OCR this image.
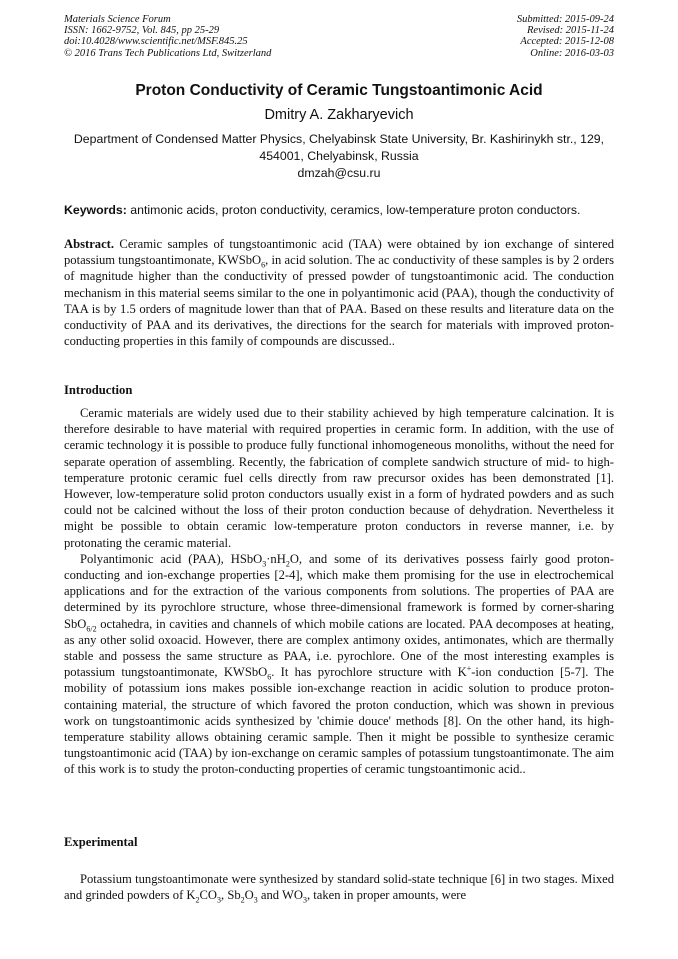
Materials Science Forum
ISSN: 1662-9752, Vol. 845, pp 25-29
doi:10.4028/www.scientific.net/MSF.845.25
© 2016 Trans Tech Publications Ltd, Switzerland
Submitted: 2015-09-24
Revised: 2015-11-24
Accepted: 2015-12-08
Online: 2016-03-03
Proton Conductivity of Ceramic Tungstoantimonic Acid
Dmitry A. Zakharyevich
Department of Condensed Matter Physics, Chelyabinsk State University, Br. Kashirinykh str., 129, 454001, Chelyabinsk, Russia
dmzah@csu.ru
Keywords: antimonic acids, proton conductivity, ceramics, low-temperature proton conductors.
Abstract. Ceramic samples of tungstoantimonic acid (TAA) were obtained by ion exchange of sintered potassium tungstoantimonate, KWSbO$_6$, in acid solution. The ac conductivity of these samples is by 2 orders of magnitude higher than the conductivity of pressed powder of tungstoantimonic acid. The conduction mechanism in this material seems similar to the one in polyantimonic acid (PAA), though the conductivity of TAA is by 1.5 orders of magnitude lower than that of PAA. Based on these results and literature data on the conductivity of PAA and its derivatives, the directions for the search for materials with improved proton-conducting properties in this family of compounds are discussed..
Introduction

Ceramic materials are widely used due to their stability achieved by high temperature calcination. It is therefore desirable to have material with required properties in ceramic form. In addition, with the use of ceramic technology it is possible to produce fully functional inhomogeneous monoliths, without the need for separate operation of assembling. Recently, the fabrication of complete sandwich structure of mid- to high-temperature protonic ceramic fuel cells directly from raw precursor oxides has been demonstrated [1]. However, low-temperature solid proton conductors usually exist in a form of hydrated powders and as such could not be calcined without the loss of their proton conduction because of dehydration. Nevertheless it might be possible to obtain ceramic low-temperature proton conductors in reverse manner, i.e. by protonating the ceramic material.

Polyantimonic acid (PAA), $HSbO_3\cdot nH_2O$, and some of its derivatives possess fairly good proton-conducting and ion-exchange properties [2-4], which make them promising for the use in electrochemical applications and for the extraction of the various components from solutions. The properties of PAA are determined by its pyrochlore structure, whose three-dimensional framework is formed by corner-sharing SbO$_{6/2}$ octahedra, in cavities and channels of which mobile cations are located. PAA decomposes at heating, as any other solid oxoacid. However, there are complex antimony oxides, antimonates, which are thermally stable and possess the same structure as PAA, i.e. pyrochlore. One of the most interesting examples is potassium tungstoantimonate, KWSbO$_6$. It has pyrochlore structure with K+-ion conduction [5-7]. The mobility of potassium ions makes possible ion-exchange reaction in acidic solution to produce proton-containing material, the structure of which favored the proton conduction, which was shown in previous work on tungstoantimonic acids synthesized by 'chimie douce' methods [8]. On the other hand, its high-temperature stability allows obtaining ceramic sample. Then it might be possible to synthesize ceramic tungstoantimonic acid (TAA) by ion-exchange on ceramic samples of potassium tungstoantimonate. The aim of this work is to study the proton-conducting properties of ceramic tungstoantimonic acid..

Experimental

Potassium tungstoantimonate were synthesized by standard solid-state technique [6] in two stages. Mixed and grinded powders of $K_2CO_3$, $Sb_2O_3$ and $WO_3$, taken in proper amounts, were
